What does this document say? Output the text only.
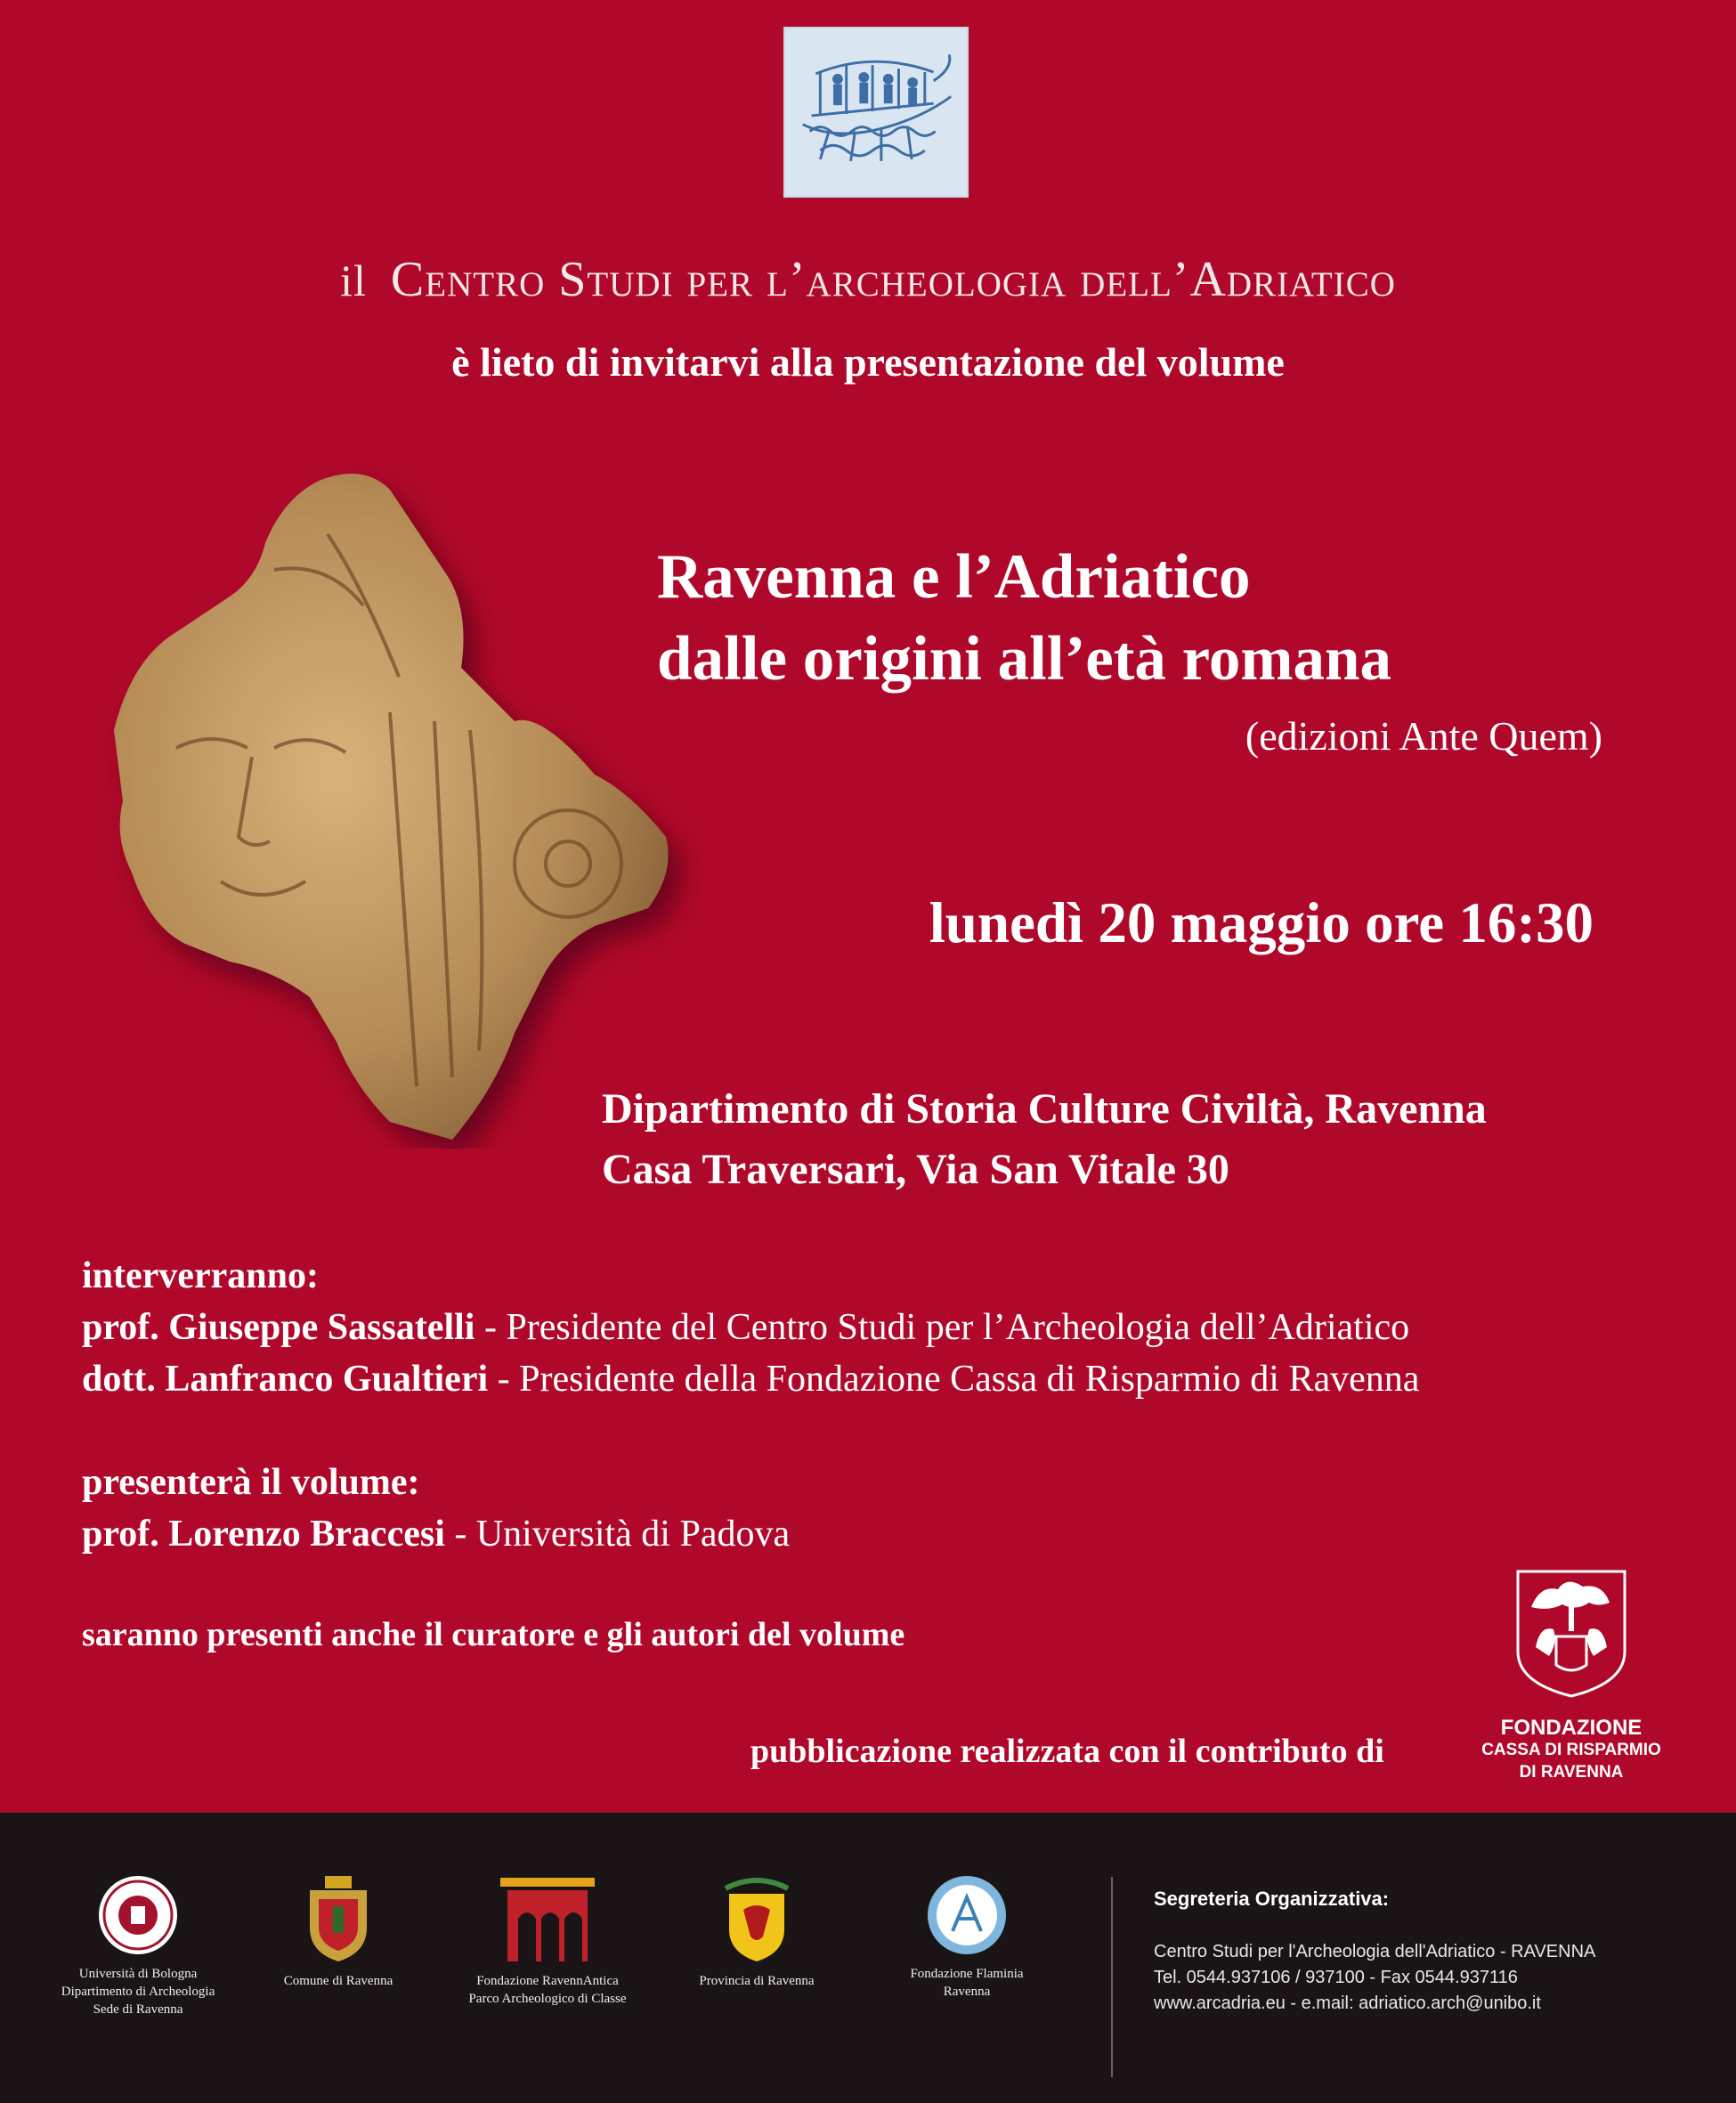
il Centro Studi per l’archeologia dell’Adriatico
è lieto di invitarvi alla presentazione del volume
Ravenna e l’Adriatico
dalle origini all’età romana
(edizioni Ante Quem)
lunedì 20 maggio ore 16:30
Dipartimento di Storia Culture Civiltà, Ravenna
Casa Traversari, Via San Vitale 30
interverranno:
prof. Giuseppe Sassatelli - Presidente del Centro Studi per l’Archeologia dell’Adriatico
dott. Lanfranco Gualtieri - Presidente della Fondazione Cassa di Risparmio di Ravenna
presenterà il volume:
prof. Lorenzo Braccesi - Università di Padova
saranno presenti anche il curatore e gli autori del volume
pubblicazione realizzata con il contributo di
FONDAZIONE
CASSA DI RISPARMIO
DI RAVENNA
Università di Bologna
Dipartimento di Archeologia
Sede di Ravenna
Comune di Ravenna	Fondazione RavennAntica
Parco Archeologico di Classe
Provincia di Ravenna	Fondazione Flaminia
Ravenna
Segreteria Organizzativa:
Centro Studi per l'Archeologia dell'Adriatico - RAVENNA
Tel. 0544.937106 / 937100 - Fax 0544.937116
www.arcadria.eu - e.mail: adriatico.arch@unibo.it
